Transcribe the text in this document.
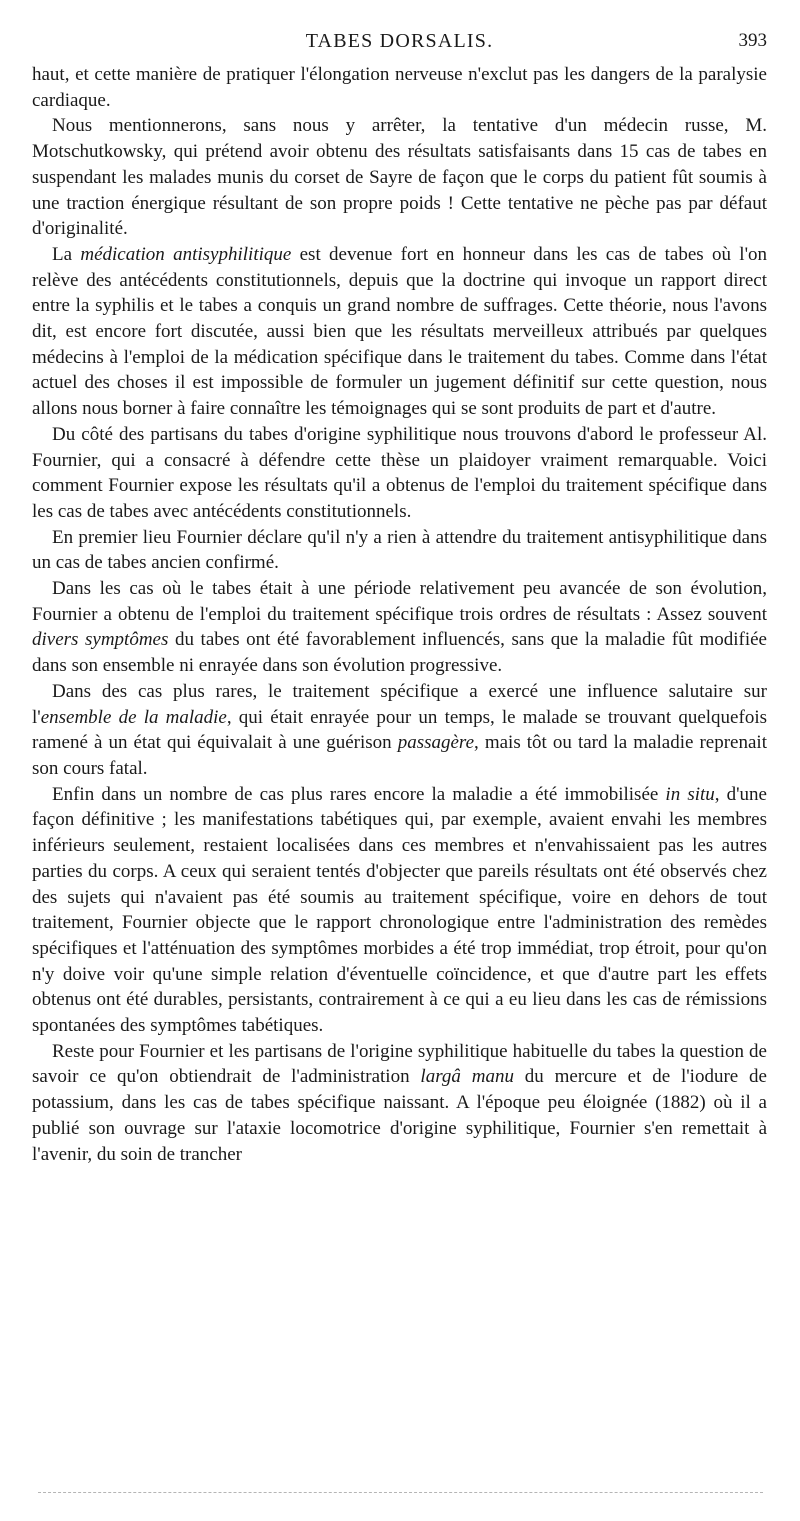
TABES DORSALIS.	393

haut, et cette manière de pratiquer l'élongation nerveuse n'exclut pas les dangers de la paralysie cardiaque.

Nous mentionnerons, sans nous y arrêter, la tentative d'un médecin russe, M. Motschutkowsky, qui prétend avoir obtenu des résultats satisfaisants dans 15 cas de tabes en suspendant les malades munis du corset de Sayre de façon que le corps du patient fût soumis à une traction énergique résultant de son propre poids ! Cette tentative ne pèche pas par défaut d'originalité.

La médication antisyphilitique est devenue fort en honneur dans les cas de tabes où l'on relève des antécédents constitutionnels, depuis que la doctrine qui invoque un rapport direct entre la syphilis et le tabes a conquis un grand nombre de suffrages. Cette théorie, nous l'avons dit, est encore fort discutée, aussi bien que les résultats merveilleux attribués par quelques médecins à l'emploi de la médication spécifique dans le traitement du tabes. Comme dans l'état actuel des choses il est impossible de formuler un jugement définitif sur cette question, nous allons nous borner à faire connaître les témoignages qui se sont produits de part et d'autre.

Du côté des partisans du tabes d'origine syphilitique nous trouvons d'abord le professeur Al. Fournier, qui a consacré à défendre cette thèse un plaidoyer vraiment remarquable. Voici comment Fournier expose les résultats qu'il a obtenus de l'emploi du traitement spécifique dans les cas de tabes avec antécédents constitutionnels.

En premier lieu Fournier déclare qu'il n'y a rien à attendre du traitement antisyphilitique dans un cas de tabes ancien confirmé.

Dans les cas où le tabes était à une période relativement peu avancée de son évolution, Fournier a obtenu de l'emploi du traitement spécifique trois ordres de résultats : Assez souvent divers symptômes du tabes ont été favorablement influencés, sans que la maladie fût modifiée dans son ensemble ni enrayée dans son évolution progressive.

Dans des cas plus rares, le traitement spécifique a exercé une influence salutaire sur l'ensemble de la maladie, qui était enrayée pour un temps, le malade se trouvant quelquefois ramené à un état qui équivalait à une guérison passagère, mais tôt ou tard la maladie reprenait son cours fatal.

Enfin dans un nombre de cas plus rares encore la maladie a été immobilisée in situ, d'une façon définitive ; les manifestations tabétiques qui, par exemple, avaient envahi les membres inférieurs seulement, restaient localisées dans ces membres et n'envahissaient pas les autres parties du corps. A ceux qui seraient tentés d'objecter que pareils résultats ont été observés chez des sujets qui n'avaient pas été soumis au traitement spécifique, voire en dehors de tout traitement, Fournier objecte que le rapport chronologique entre l'administration des remèdes spécifiques et l'atténuation des symptômes morbides a été trop immédiat, trop étroit, pour qu'on n'y doive voir qu'une simple relation d'éventuelle coïncidence, et que d'autre part les effets obtenus ont été durables, persistants, contrairement à ce qui a eu lieu dans les cas de rémissions spontanées des symptômes tabétiques.

Reste pour Fournier et les partisans de l'origine syphilitique habituelle du tabes la question de savoir ce qu'on obtiendrait de l'administration largâ manu du mercure et de l'iodure de potassium, dans les cas de tabes spécifique naissant. A l'époque peu éloignée (1882) où il a publié son ouvrage sur l'ataxie locomotrice d'origine syphilitique, Fournier s'en remettait à l'avenir, du soin de trancher
